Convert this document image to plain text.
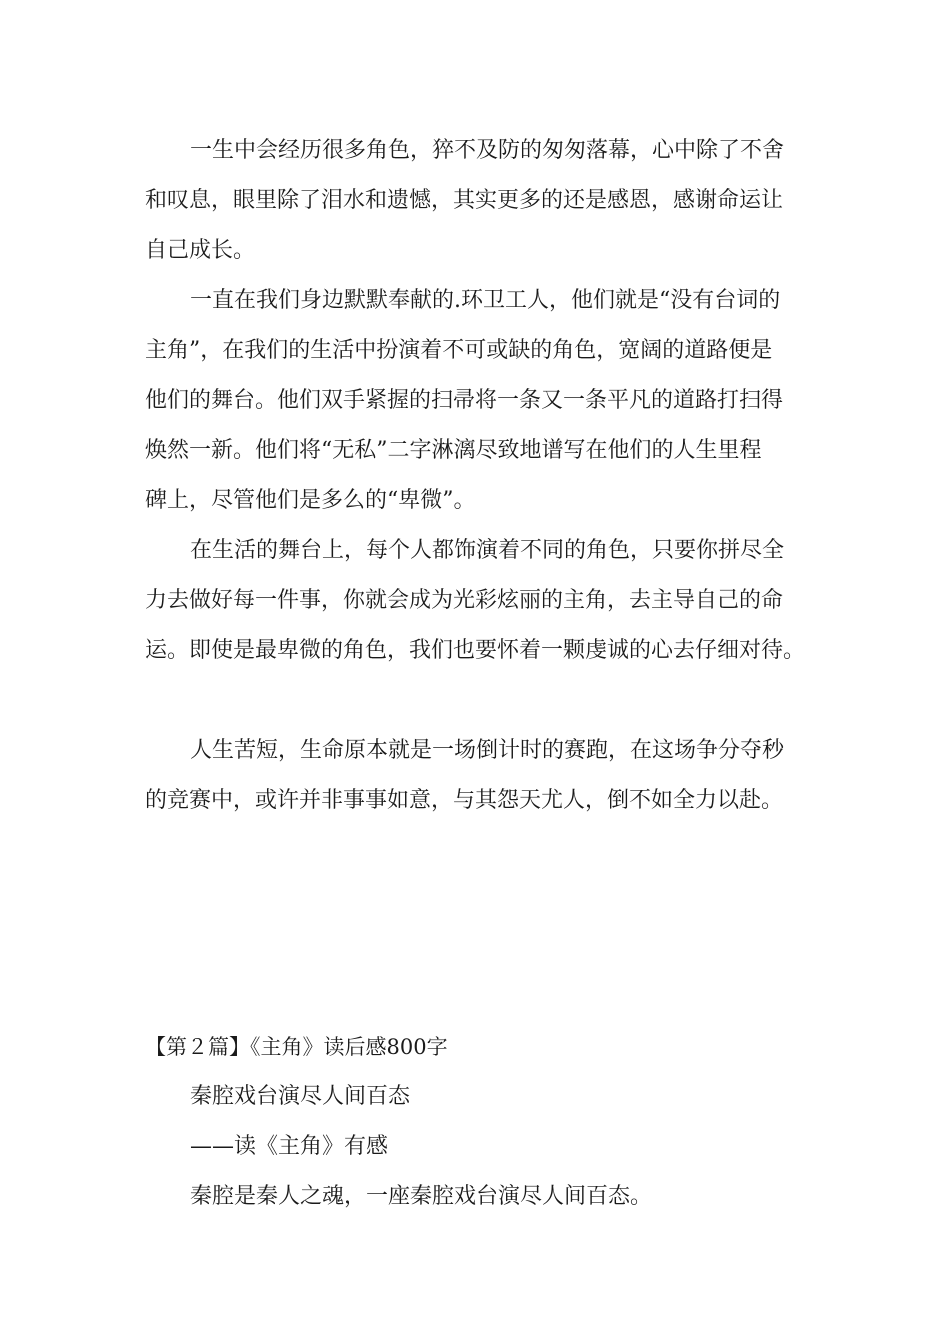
一生中会经历很多角色，猝不及防的匆匆落幕，心中除了不舍
和叹息，眼里除了泪水和遗憾，其实更多的还是感恩，感谢命运让
自己成长。
一直在我们身边默默奉献的.环卫工人，他们就是“没有台词的
主角”，在我们的生活中扮演着不可或缺的角色，宽阔的道路便是
他们的舞台。他们双手紧握的扫帚将一条又一条平凡的道路打扫得
焕然一新。他们将“无私”二字淋漓尽致地谱写在他们的人生里程
碑上，尽管他们是多么的“卑微”。
在生活的舞台上，每个人都饰演着不同的角色，只要你拼尽全
力去做好每一件事，你就会成为光彩炫丽的主角，去主导自己的命
运。即使是最卑微的角色，我们也要怀着一颗虔诚的心去仔细对待。
人生苦短，生命原本就是一场倒计时的赛跑，在这场争分夺秒
的竞赛中，或许并非事事如意，与其怨天尤人，倒不如全力以赴。
【第２篇】《主角》读后感800字
秦腔戏台演尽人间百态
——读《主角》有感
秦腔是秦人之魂，一座秦腔戏台演尽人间百态。
